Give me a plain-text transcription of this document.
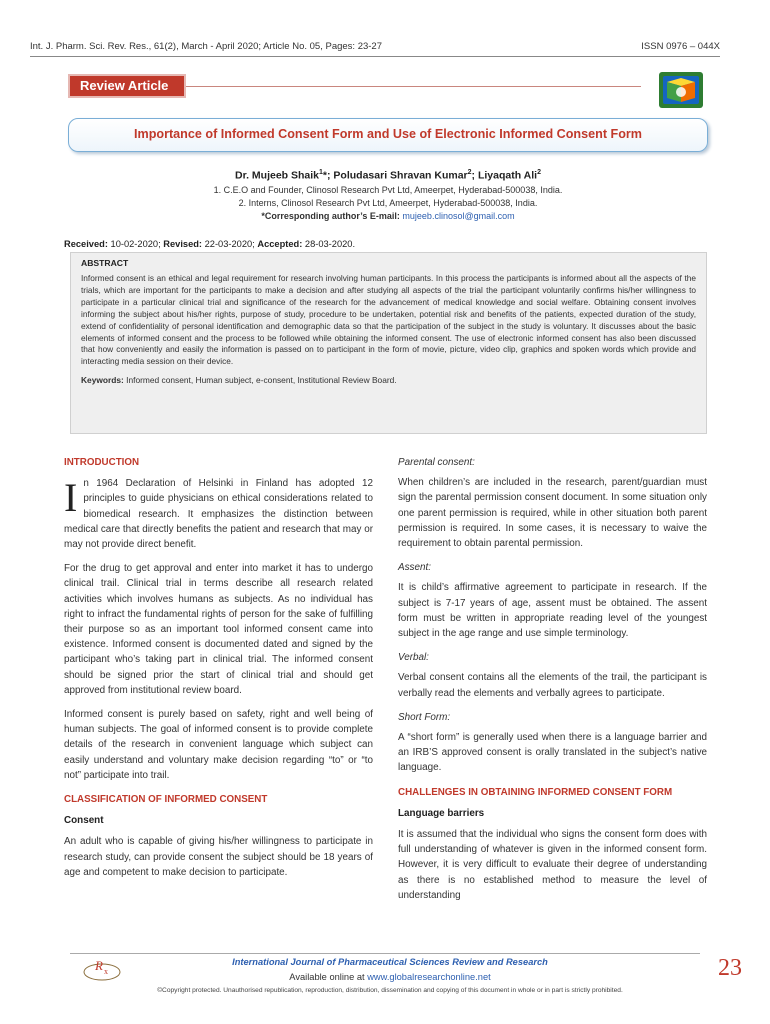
Int. J. Pharm. Sci. Rev. Res., 61(2), March - April 2020; Article No. 05, Pages: 23-27	ISSN 0976 – 044X
Review Article
Importance of Informed Consent Form and Use of Electronic Informed Consent Form
Dr. Mujeeb Shaik$^1$*; Poludasari Shravan Kumar$^2$; Liyaqath Ali$^2$
1. C.E.O and Founder, Clinosol Research Pvt Ltd, Ameerpet, Hyderabad-500038, India.
2. Interns, Clinosol Research Pvt Ltd, Ameerpet, Hyderabad-500038, India.
*Corresponding author’s E-mail: mujeeb.clinosol@gmail.com
Received: 10-02-2020; Revised: 22-03-2020; Accepted: 28-03-2020.
ABSTRACT
Informed consent is an ethical and legal requirement for research involving human participants. In this process the participants is informed about all the aspects of the trials, which are important for the participants to make a decision and after studying all aspects of the trial the participant voluntarily confirms his/her willingness to participate in a particular clinical trial and significance of the research for the advancement of medical knowledge and social welfare. Obtaining consent involves informing the subject about his/her rights, purpose of study, procedure to be undertaken, potential risk and benefits of the patients, expected duration of the study, extend of confidentiality of personal identification and demographic data so that the participation of the subject in the study is voluntary. It discusses about the basic elements of informed consent and the process to be followed while obtaining the informed consent. The use of electronic informed consent has also been discussed that how conveniently and easily the information is passed on to participant in the form of movie, picture, video clip, graphics and spoken words which provide and interacting media session on their device.
Keywords: Informed consent, Human subject, e-consent, Institutional Review Board.
INTRODUCTION
In 1964 Declaration of Helsinki in Finland has adopted 12 principles to guide physicians on ethical considerations related to biomedical research. It emphasizes the distinction between medical care that directly benefits the patient and research that may or may not provide direct benefit.
For the drug to get approval and enter into market it has to undergo clinical trail. Clinical trial in terms describe all research related activities which involves humans as subjects. As no individual has right to infract the fundamental rights of person for the sake of fulfilling their purpose so as an important tool informed consent came into existence. Informed consent is documented dated and signed by the participant who’s taking part in clinical trial. The informed consent should be signed prior the start of clinical trial and should get approved from institutional review board.
Informed consent is purely based on safety, right and well being of human subjects. The goal of informed consent is to provide complete details of the research in convenient language which subject can easily understand and voluntary make decision regarding “to” or “to not” participate into trail.
CLASSIFICATION OF INFORMED CONSENT
Consent
An adult who is capable of giving his/her willingness to participate in research study, can provide consent the subject should be 18 years of age and competent to make decision to participate.
Parental consent:
When children’s are included in the research, parent/guardian must sign the parental permission consent document. In some situation only one parent permission is required, while in other situation both parent permission is required. In some cases, it is necessary to waive the requirement to obtain parental permission.
Assent:
It is child’s affirmative agreement to participate in research. If the subject is 7-17 years of age, assent must be obtained. The assent form must be written in appropriate reading level of the youngest subject in the age range and use simple terminology.
Verbal:
Verbal consent contains all the elements of the trail, the participant is verbally read the elements and verbally agrees to participate.
Short Form:
A “short form” is generally used when there is a language barrier and an IRB’S approved consent is orally translated in the subject’s native language.
CHALLENGES IN OBTAINING INFORMED CONSENT FORM
Language barriers
It is assumed that the individual who signs the consent form does with full understanding of whatever is given in the informed consent form. However, it is very difficult to evaluate their degree of understanding as there is no established method to measure the level of understanding
R x
International Journal of Pharmaceutical Sciences Review and Research
Available online at www.globalresearchonline.net
©Copyright protected. Unauthorised republication, reproduction, distribution, dissemination and copying of this document in whole or in part is strictly prohibited.
23
